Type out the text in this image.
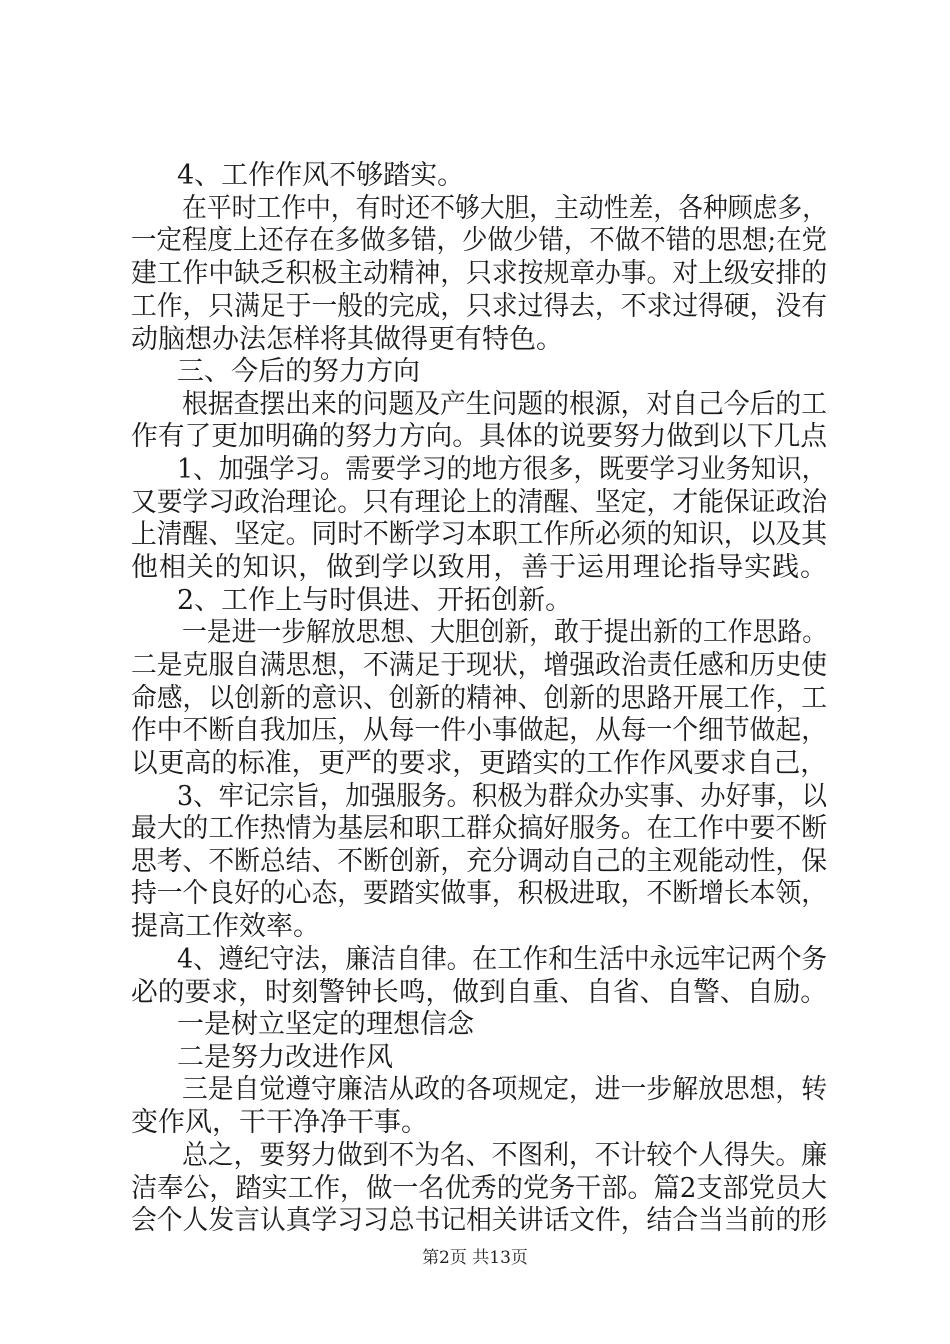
4、工作作风不够踏实。
在平时工作中，有时还不够大胆，主动性差，各种顾虑多，
一定程度上还存在多做多错，少做少错，不做不错的思想;在党
建工作中缺乏积极主动精神，只求按规章办事。对上级安排的
工作，只满足于一般的完成，只求过得去，不求过得硬，没有
动脑想办法怎样将其做得更有特色。
三、今后的努力方向
根据查摆出来的问题及产生问题的根源，对自己今后的工
作有了更加明确的努力方向。具体的说要努力做到以下几点
1、加强学习。需要学习的地方很多，既要学习业务知识，
又要学习政治理论。只有理论上的清醒、坚定，才能保证政治
上清醒、坚定。同时不断学习本职工作所必须的知识，以及其
他相关的知识，做到学以致用，善于运用理论指导实践。
2、工作上与时俱进、开拓创新。
一是进一步解放思想、大胆创新，敢于提出新的工作思路。
二是克服自满思想，不满足于现状，增强政治责任感和历史使
命感，以创新的意识、创新的精神、创新的思路开展工作，工
作中不断自我加压，从每一件小事做起，从每一个细节做起，
以更高的标准，更严的要求，更踏实的工作作风要求自己，
3、牢记宗旨，加强服务。积极为群众办实事、办好事，以
最大的工作热情为基层和职工群众搞好服务。在工作中要不断
思考、不断总结、不断创新，充分调动自己的主观能动性，保
持一个良好的心态，要踏实做事，积极进取，不断增长本领，
提高工作效率。
4、遵纪守法，廉洁自律。在工作和生活中永远牢记两个务
必的要求，时刻警钟长鸣，做到自重、自省、自警、自励。
一是树立坚定的理想信念
二是努力改进作风
三是自觉遵守廉洁从政的各项规定，进一步解放思想，转
变作风，干干净净干事。
总之，要努力做到不为名、不图利，不计较个人得失。廉
洁奉公，踏实工作，做一名优秀的党务干部。篇2支部党员大
会个人发言认真学习习总书记相关讲话文件，结合当当前的形
第2页 共13页
